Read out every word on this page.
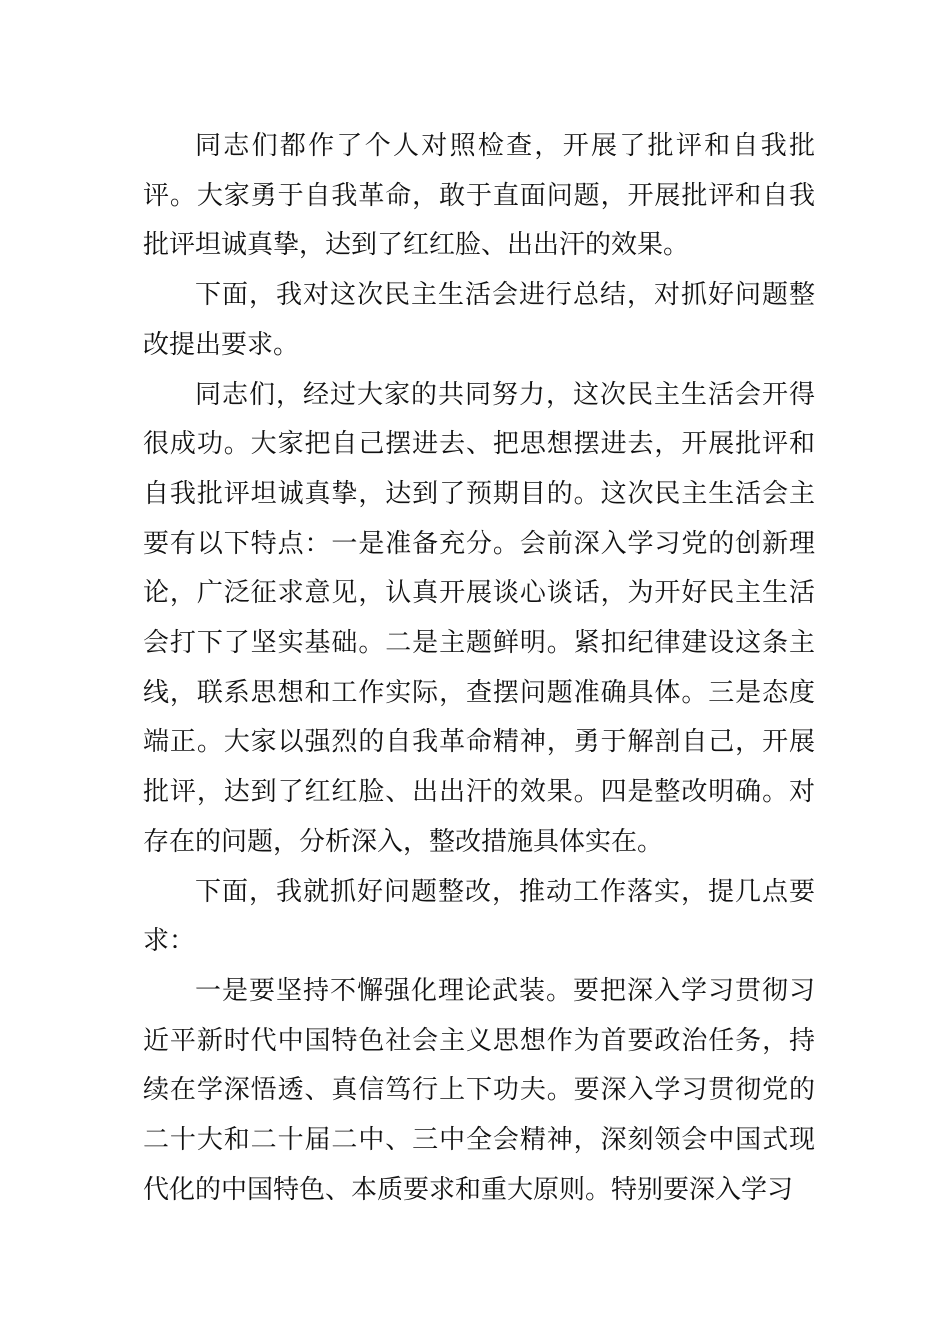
同志们都作了个人对照检查，开展了批评和自我批评。大家勇于自我革命，敢于直面问题，开展批评和自我批评坦诚真挚，达到了红红脸、出出汗的效果。

下面，我对这次民主生活会进行总结，对抓好问题整改提出要求。

同志们，经过大家的共同努力，这次民主生活会开得很成功。大家把自己摆进去、把思想摆进去，开展批评和自我批评坦诚真挚，达到了预期目的。这次民主生活会主要有以下特点：一是准备充分。会前深入学习党的创新理论，广泛征求意见，认真开展谈心谈话，为开好民主生活会打下了坚实基础。二是主题鲜明。紧扣纪律建设这条主线，联系思想和工作实际，查摆问题准确具体。三是态度端正。大家以强烈的自我革命精神，勇于解剖自己，开展批评，达到了红红脸、出出汗的效果。四是整改明确。对存在的问题，分析深入，整改措施具体实在。

下面，我就抓好问题整改，推动工作落实，提几点要求：

一是要坚持不懈强化理论武装。要把深入学习贯彻习近平新时代中国特色社会主义思想作为首要政治任务，持续在学深悟透、真信笃行上下功夫。要深入学习贯彻党的二十大和二十届二中、三中全会精神，深刻领会中国式现代化的中国特色、本质要求和重大原则。特别要深入学习
